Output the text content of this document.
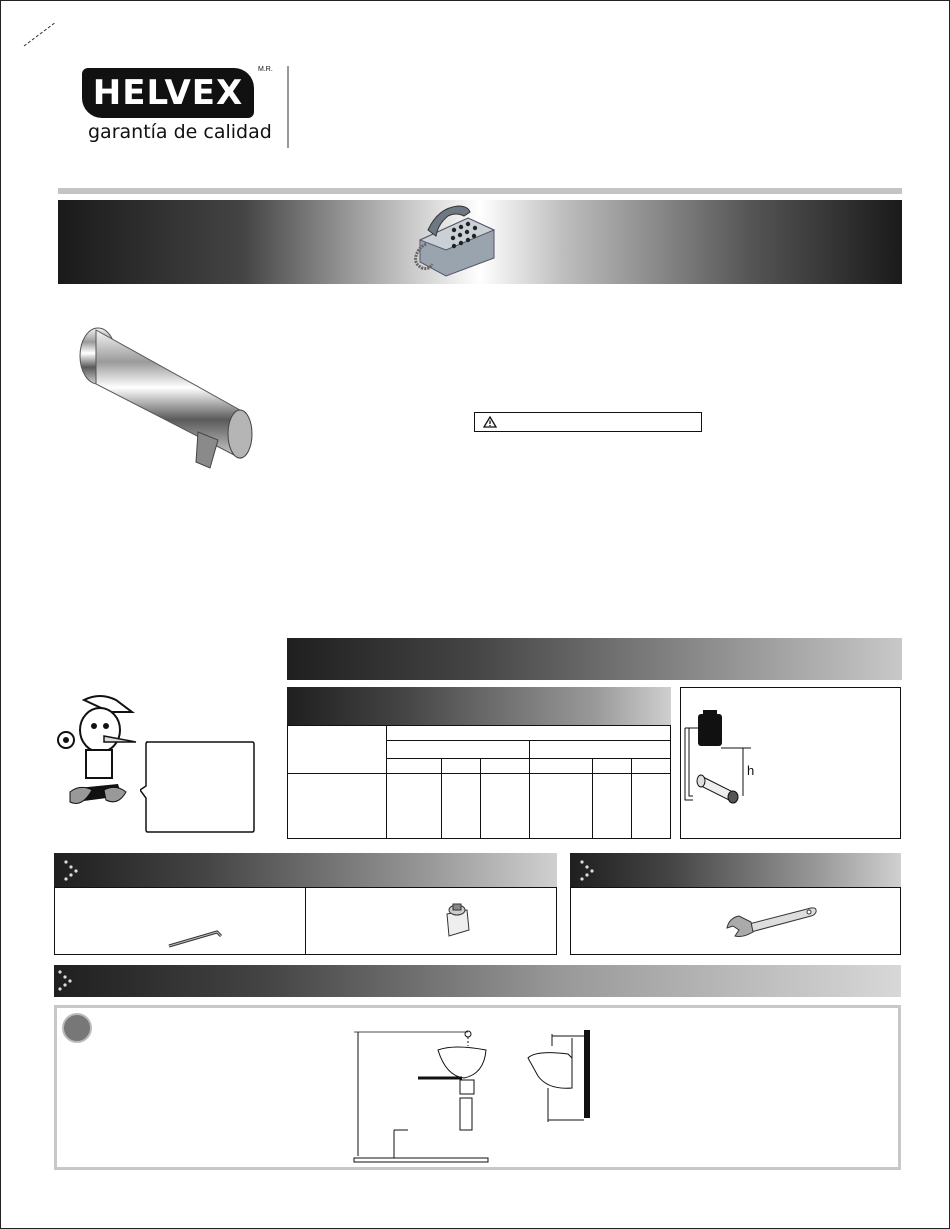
HELVEX
M.R.
garantía de calidad
h
